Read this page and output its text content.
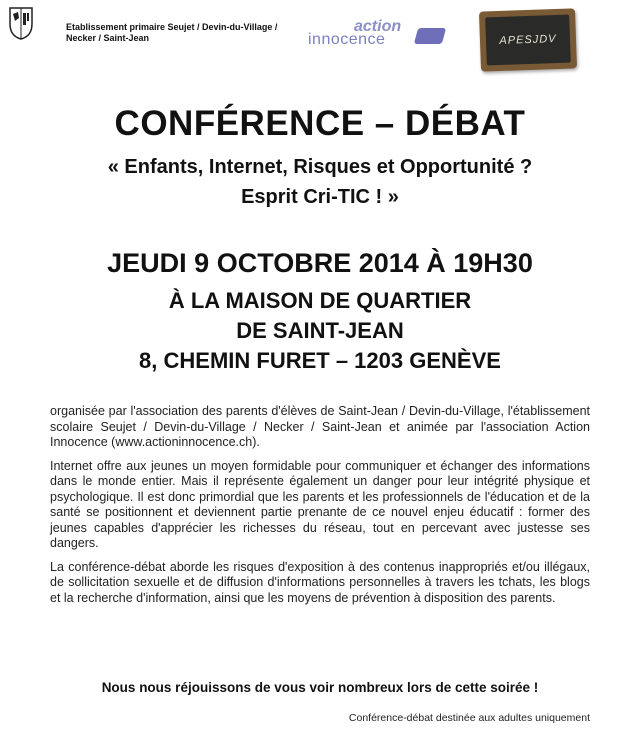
Etablissement primaire Seujet / Devin-du-Village / Necker / Saint-Jean
action
innocence	APESJDV
CONFÉRENCE – DÉBAT
« Enfants, Internet, Risques et Opportunité ?
Esprit Cri-TIC ! »
JEUDI 9 OCTOBRE 2014 À 19H30
À LA MAISON DE QUARTIER
DE SAINT-JEAN
8, CHEMIN FURET – 1203 GENÈVE

organisée par l'association des parents d'élèves de Saint-Jean / Devin-du-Village, l'établissement scolaire Seujet / Devin-du-Village / Necker / Saint-Jean et animée par l'association Action Innocence (www.actioninnocence.ch).

Internet offre aux jeunes un moyen formidable pour communiquer et échanger des informations dans le monde entier. Mais il représente également un danger pour leur intégrité physique et psychologique. Il est donc primordial que les parents et les professionnels de l'éducation et de la santé se positionnent et deviennent partie prenante de ce nouvel enjeu éducatif : former des jeunes capables d'apprécier les richesses du réseau, tout en percevant avec justesse ses dangers.

La conférence-débat aborde les risques d'exposition à des contenus inappropriés et/ou illégaux, de sollicitation sexuelle et de diffusion d'informations personnelles à travers les tchats, les blogs et la recherche d'information, ainsi que les moyens de prévention à disposition des parents.

Nous nous réjouissons de vous voir nombreux lors de cette soirée !
Conférence-débat destinée aux adultes uniquement
